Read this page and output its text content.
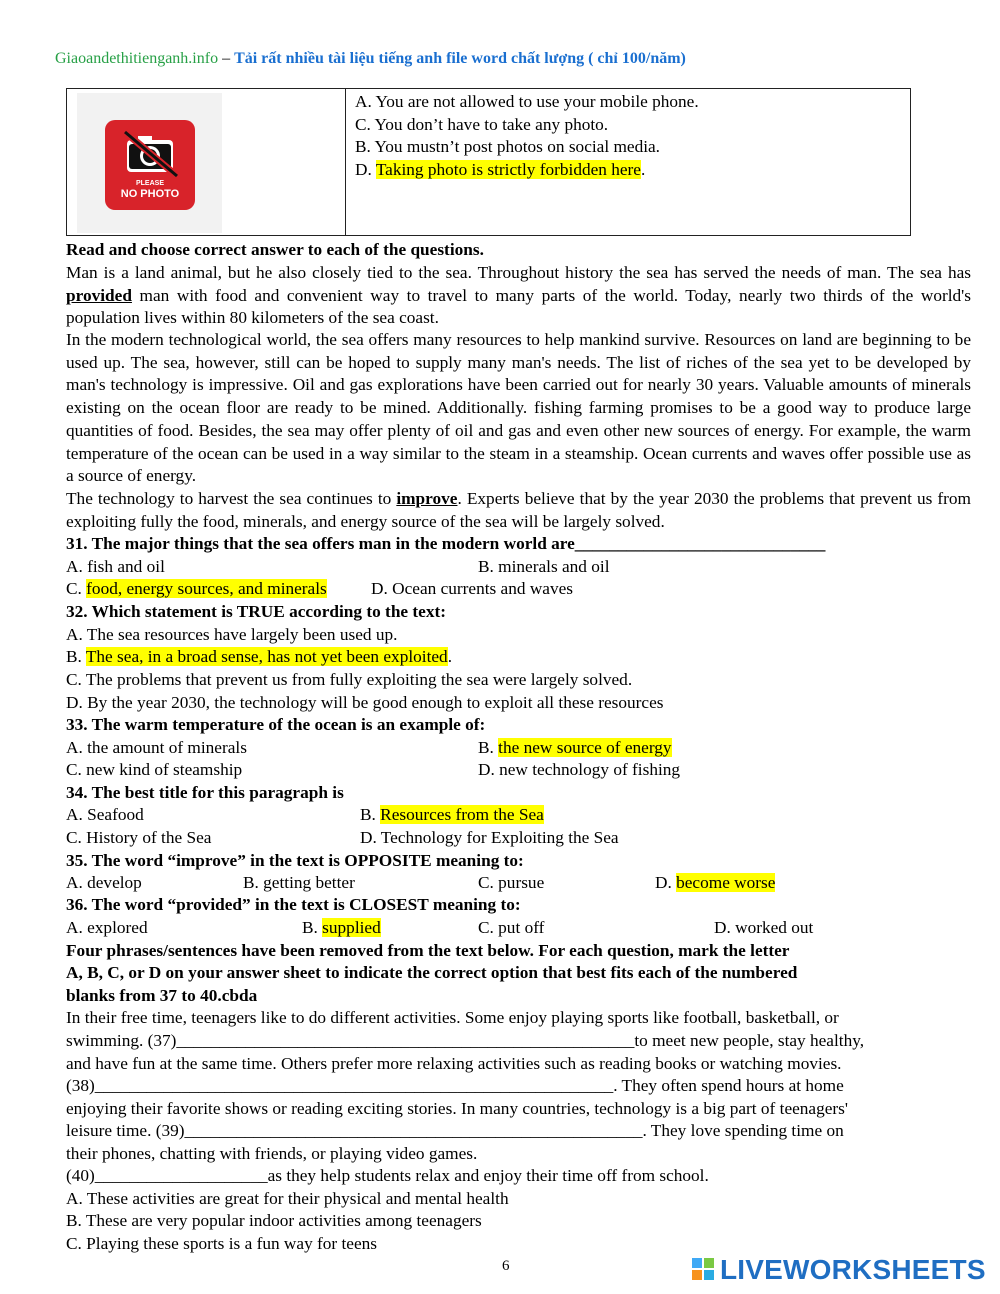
Giaoandethitienganh.info – Tải rất nhiều tài liệu tiếng anh file word chất lượng ( chỉ 100/năm)
PLEASE
NO PHOTO
A. You are not allowed to use your mobile phone.
C. You don’t have to take any photo.
B. You mustn’t post photos on social media.
D. Taking photo is strictly forbidden here.
Read and choose correct answer to each of the questions.
Man is a land animal, but he also closely tied to the sea. Throughout history the sea has served the needs of man. The sea has provided man with food and convenient way to travel to many parts of the world. Today, nearly two thirds of the world's population lives within 80 kilometers of the sea coast.
In the modern technological world, the sea offers many resources to help mankind survive. Resources on land are beginning to be used up. The sea, however, still can be hoped to supply many man's needs. The list of riches of the sea yet to be developed by man's technology is impressive. Oil and gas explorations have been carried out for nearly 30 years. Valuable amounts of minerals existing on the ocean floor are ready to be mined. Additionally. fishing farming promises to be a good way to produce large quantities of food. Besides, the sea may offer plenty of oil and gas and even other new sources of energy. For example, the warm temperature of the ocean can be used in a way similar to the steam in a steamship. Ocean currents and waves offer possible use as a source of energy.
The technology to harvest the sea continues to improve. Experts believe that by the year 2030 the problems that prevent us from exploiting fully the food, minerals, and energy source of the sea will be largely solved.
31. The major things that the sea offers man in the modern world are_____________________________
A. fish and oil	B. minerals and oil
C. food, energy sources, and minerals	D. Ocean currents and waves
32. Which statement is TRUE according to the text:
A. The sea resources have largely been used up.
B. The sea, in a broad sense, has not yet been exploited.
C. The problems that prevent us from fully exploiting the sea were largely solved.
D. By the year 2030, the technology will be good enough to exploit all these resources
33. The warm temperature of the ocean is an example of:
A. the amount of minerals	B. the new source of energy
C. new kind of steamship	D. new technology of fishing
34. The best title for this paragraph is
A. Seafood	B. Resources from the Sea
C. History of the Sea	D. Technology for Exploiting the Sea
35. The word “improve” in the text is OPPOSITE meaning to:
A. develop	B. getting better	C. pursue	D. become worse
36. The word “provided” in the text is CLOSEST meaning to:
A. explored	B. supplied	C. put off	D. worked out
Four phrases/sentences have been removed from the text below. For each question, mark the letter
A, B, C, or D on your answer sheet to indicate the correct option that best fits each of the numbered
blanks from 37 to 40.cbda
In their free time, teenagers like to do different activities. Some enjoy playing sports like football, basketball, or
swimming. (37)_____________________________________________________to meet new people, stay healthy,
and have fun at the same time. Others prefer more relaxing activities such as reading books or watching movies.
(38)____________________________________________________________. They often spend hours at home
enjoying their favorite shows or reading exciting stories. In many countries, technology is a big part of teenagers'
leisure time. (39)_____________________________________________________. They love spending time on
their phones, chatting with friends, or playing video games.
(40)____________________as they help students relax and enjoy their time off from school.
A. These activities are great for their physical and mental health
B. These are very popular indoor activities among teenagers
C. Playing these sports is a fun way for teens
6	LIVEWORKSHEETS
